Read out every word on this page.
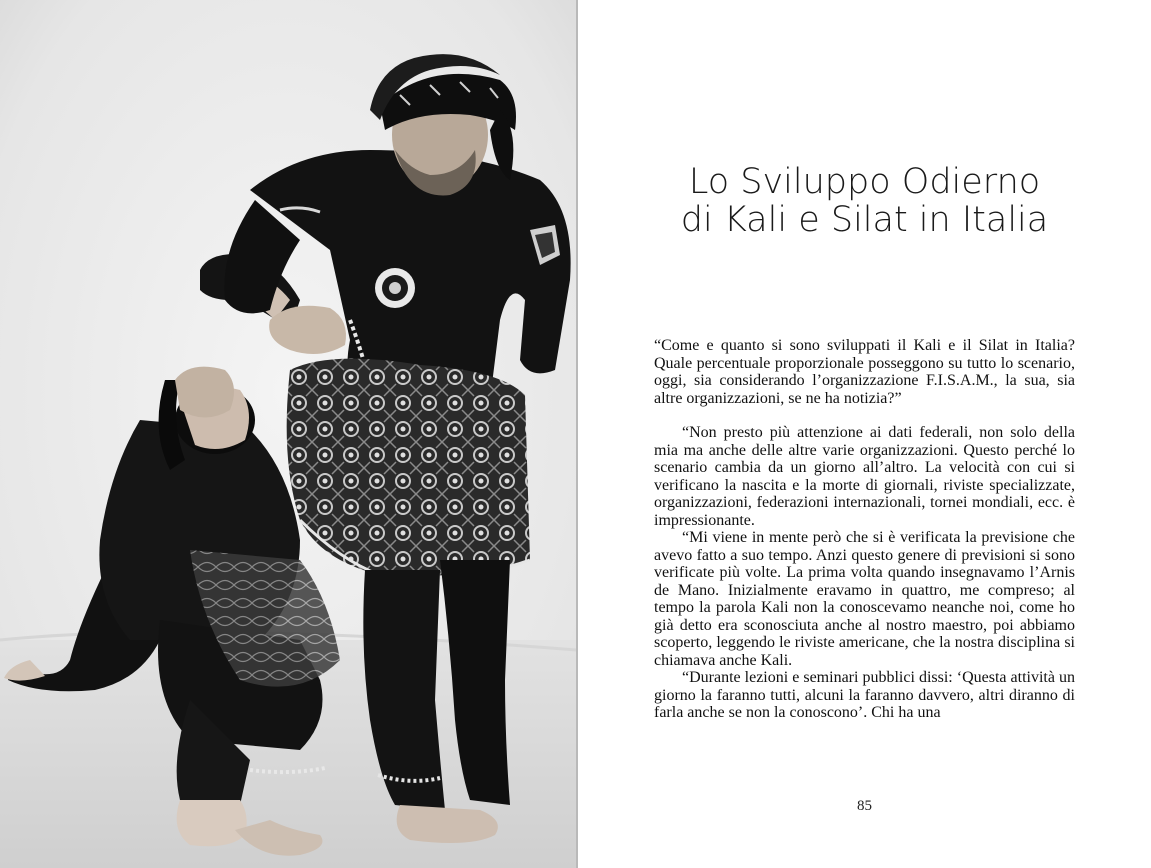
Lo Sviluppo Odierno
di Kali e Silat in Italia

“Come e quanto si sono sviluppati il Kali e il Silat in Italia? Quale percentuale proporzionale posseggono su tutto lo scenario, oggi, sia considerando l’organizzazione F.I.S.A.M., la sua, sia altre organizzazioni, se ne ha notizia?”

“Non presto più attenzione ai dati federali, non solo della mia ma anche delle altre varie organizzazioni. Questo perché lo scenario cambia da un giorno all’altro. La velocità con cui si verificano la nascita e la morte di giornali, riviste specializzate, organizzazioni, federazioni internazionali, tornei mondiali, ecc. è impressionante.

“Mi viene in mente però che si è verificata la previsione che avevo fatto a suo tempo. Anzi questo genere di previsioni si sono verificate più volte. La prima volta quando insegnavamo l’Arnis de Mano. Inizialmente eravamo in quattro, me compreso; al tempo la parola Kali non la conoscevamo neanche noi, come ho già detto era sconosciuta anche al nostro maestro, poi abbiamo scoperto, leggendo le riviste americane, che la nostra disciplina si chiamava anche Kali.

“Durante lezioni e seminari pubblici dissi: ‘Questa attività un giorno la faranno tutti, alcuni la faranno davvero, altri diranno di farla anche se non la conoscono’. Chi ha una

85
